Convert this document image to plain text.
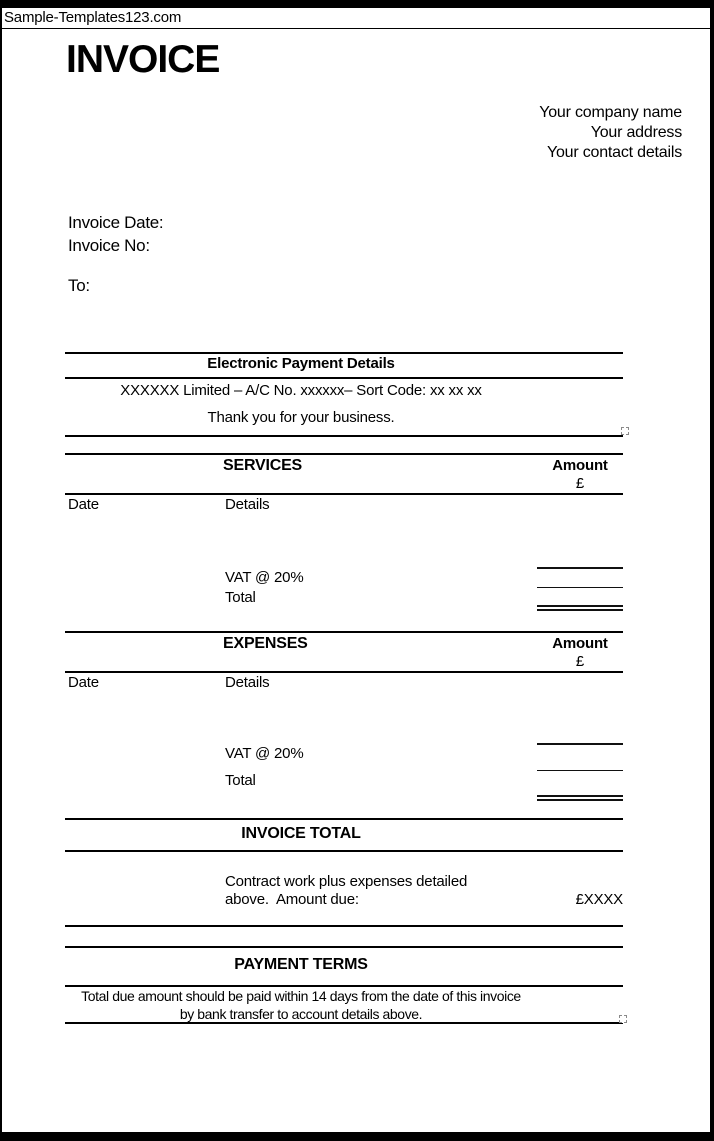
Sample-Templates123.com
INVOICE
Your company name
Your address
Your contact details
Invoice Date:
Invoice No:
To:
Electronic Payment Details
XXXXXX Limited – A/C No. xxxxxx– Sort Code: xx xx xx
Thank you for your business.
SERVICES	Amount
£
Date	Details
VAT @ 20%
Total
EXPENSES	Amount
£
Date	Details
VAT @ 20%
Total
INVOICE TOTAL
Contract work plus expenses detailed
above.  Amount due:	£XXXX
PAYMENT TERMS
Total due amount should be paid within 14 days from the date of this invoice
by bank transfer to account details above.
